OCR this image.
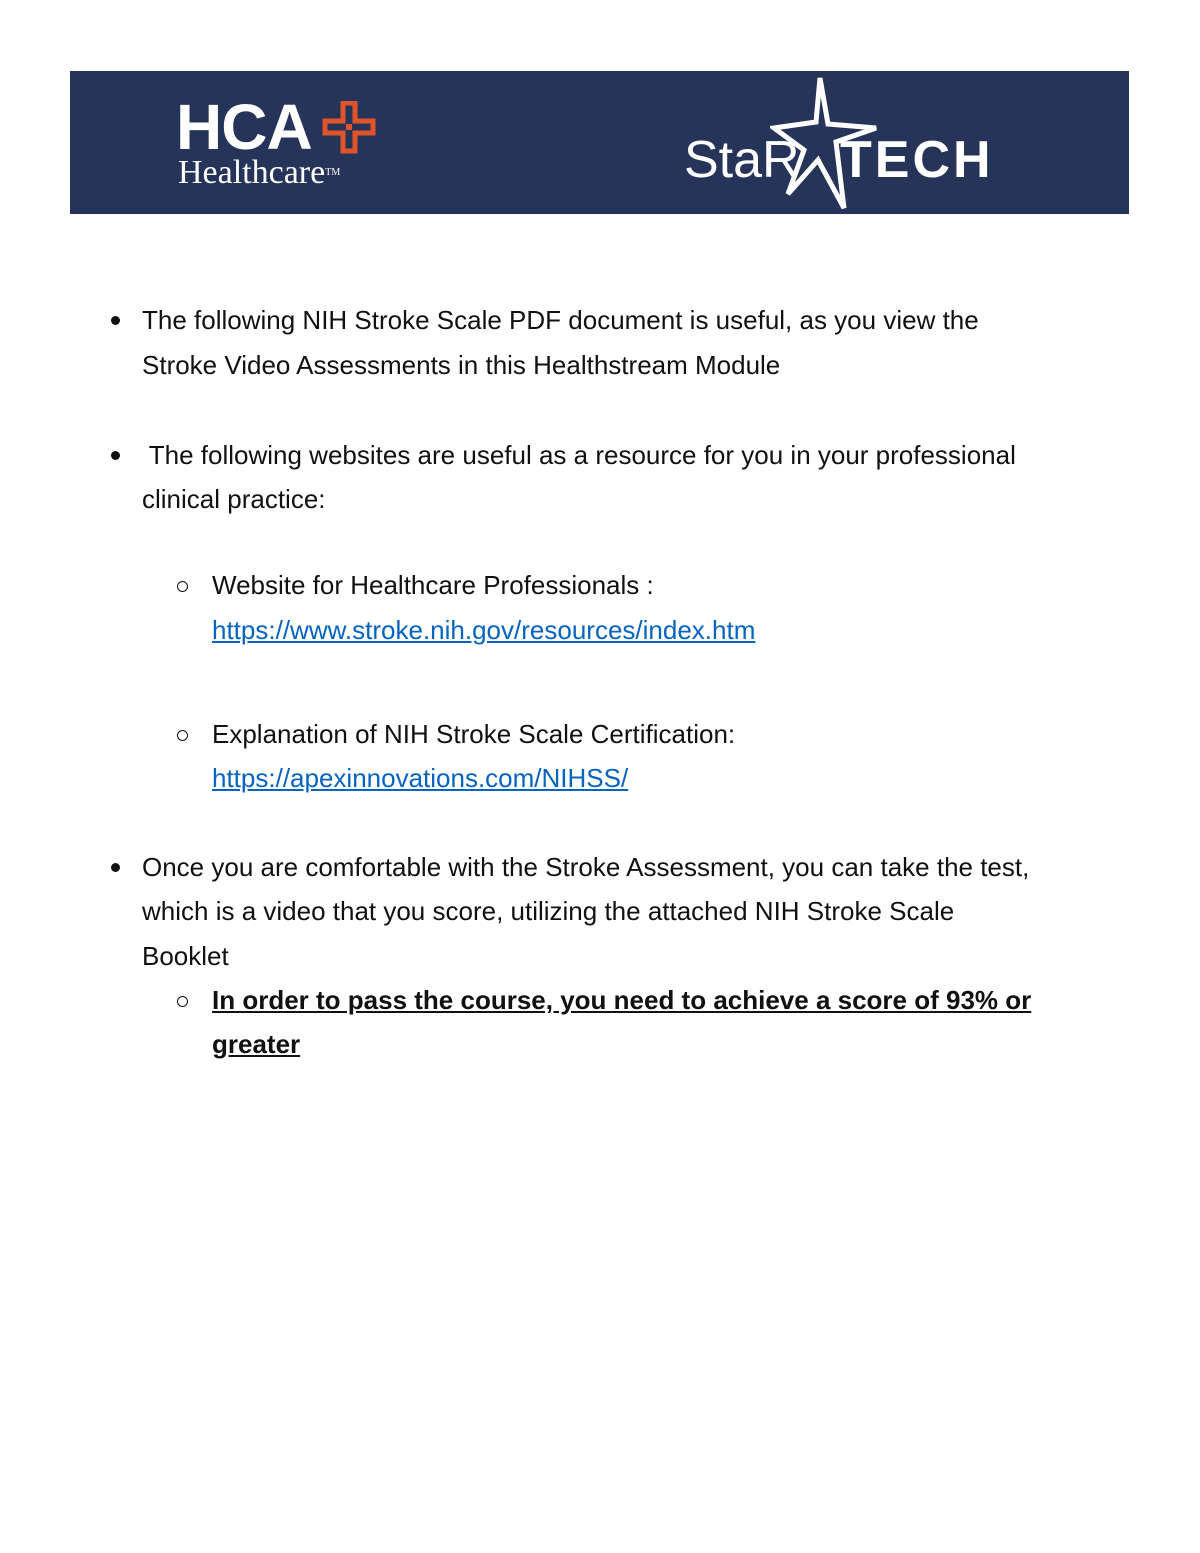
HCA
Healthcare™	StaR TECH
The following NIH Stroke Scale PDF document is useful, as you view the
Stroke Video Assessments in this Healthstream Module
The following websites are useful as a resource for you in your professional
clinical practice:
Website for Healthcare Professionals :
https://www.stroke.nih.gov/resources/index.htm
Explanation of NIH Stroke Scale Certification:
https://apexinnovations.com/NIHSS/
Once you are comfortable with the Stroke Assessment, you can take the test,
which is a video that you score, utilizing the attached NIH Stroke Scale
Booklet
In order to pass the course, you need to achieve a score of 93% or
greater
